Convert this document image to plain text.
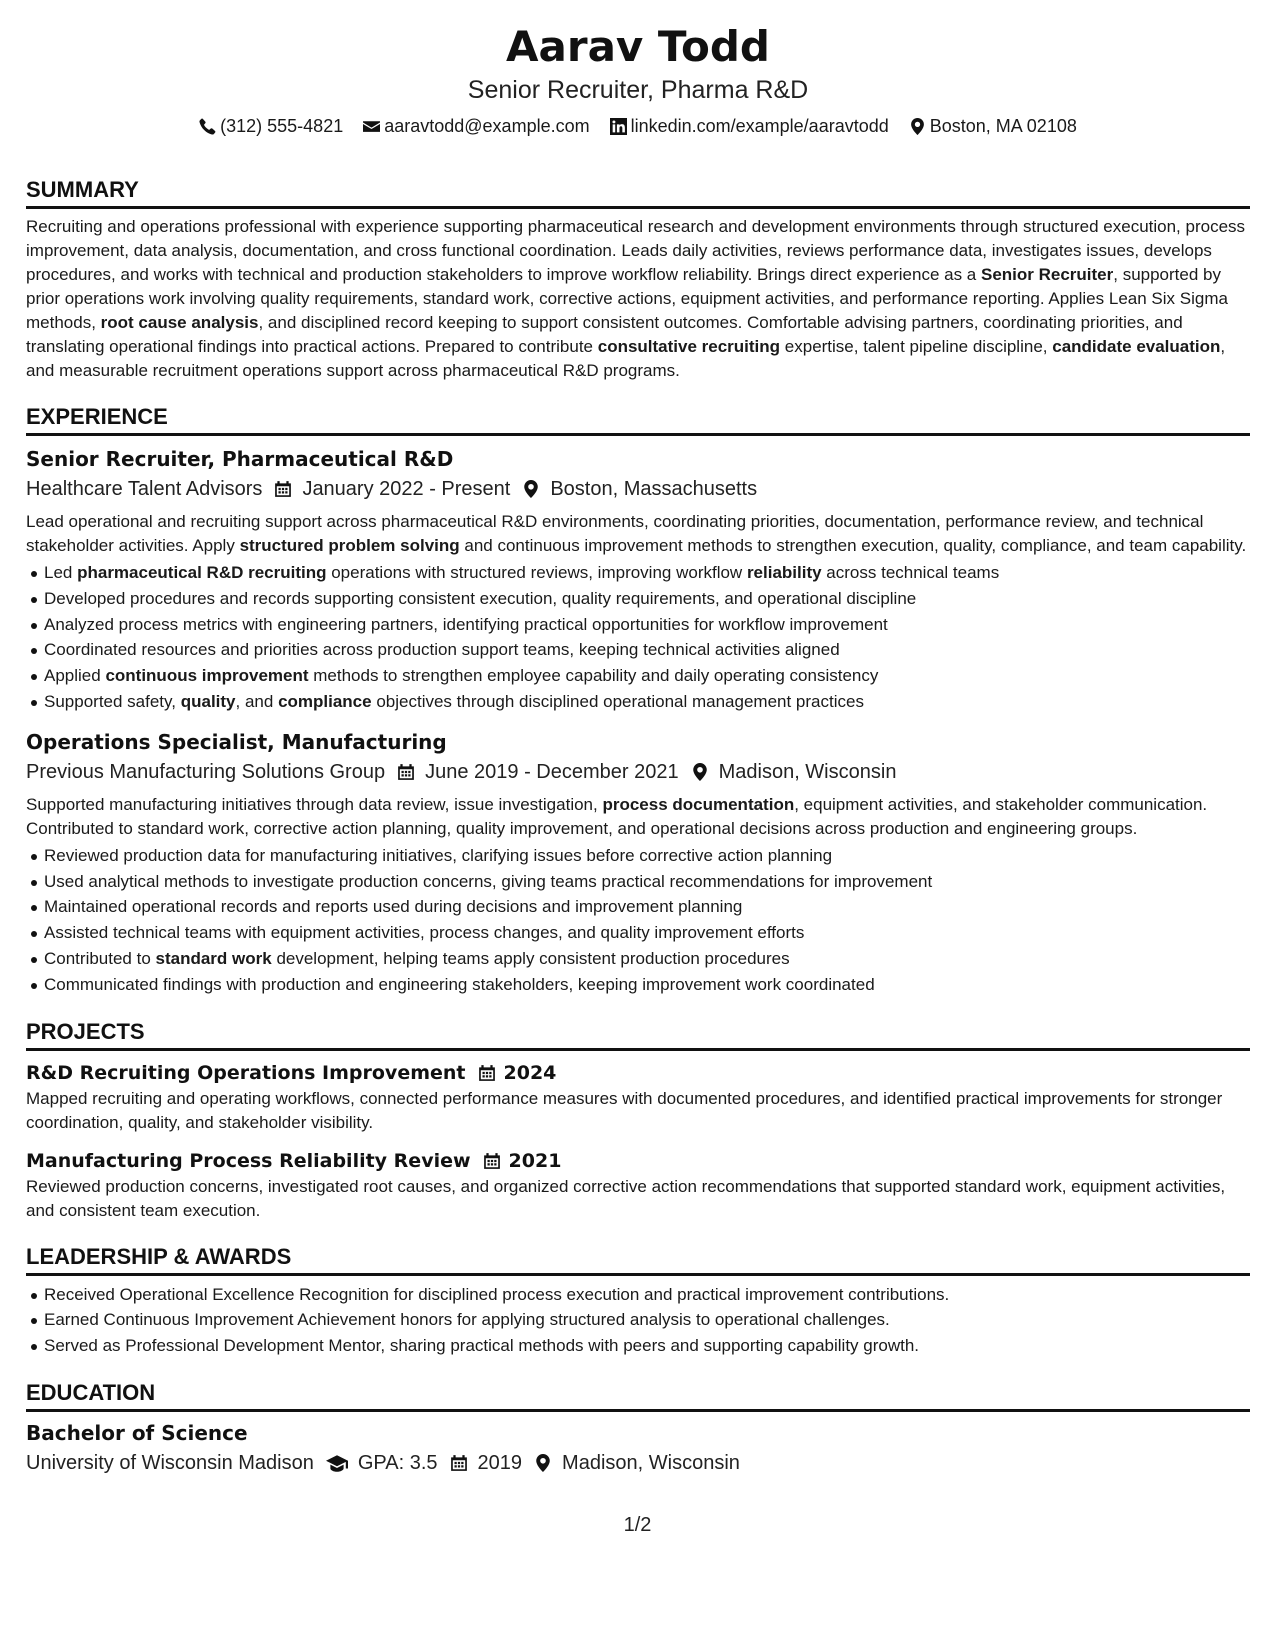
Aarav Todd

Senior Recruiter, Pharma R&D

(312) 555-4821 aaravtodd@example.com linkedin.com/example/aaravtodd Boston, MA 02108
SUMMARY

Recruiting and operations professional with experience supporting pharmaceutical research and development environments through structured execution, process improvement, data analysis, documentation, and cross functional coordination. Leads daily activities, reviews performance data, investigates issues, develops procedures, and works with technical and production stakeholders to improve workflow reliability. Brings direct experience as a Senior Recruiter, supported by prior operations work involving quality requirements, standard work, corrective actions, equipment activities, and performance reporting. Applies Lean Six Sigma methods, root cause analysis, and disciplined record keeping to support consistent outcomes. Comfortable advising partners, coordinating priorities, and translating operational findings into practical actions. Prepared to contribute consultative recruiting expertise, talent pipeline discipline, candidate evaluation, and measurable recruitment operations support across pharmaceutical R&D programs.

EXPERIENCE

Senior Recruiter, Pharmaceutical R&D

Healthcare Talent Advisors January 2022 - Present Boston, Massachusetts

Lead operational and recruiting support across pharmaceutical R&D environments, coordinating priorities, documentation, performance review, and technical stakeholder activities. Apply structured problem solving and continuous improvement methods to strengthen execution, quality, compliance, and team capability.

Led pharmaceutical R&D recruiting operations with structured reviews, improving workflow reliability across technical teams
Developed procedures and records supporting consistent execution, quality requirements, and operational discipline
Analyzed process metrics with engineering partners, identifying practical opportunities for workflow improvement
Coordinated resources and priorities across production support teams, keeping technical activities aligned
Applied continuous improvement methods to strengthen employee capability and daily operating consistency
Supported safety, quality, and compliance objectives through disciplined operational management practices

Operations Specialist, Manufacturing

Previous Manufacturing Solutions Group June 2019 - December 2021 Madison, Wisconsin

Supported manufacturing initiatives through data review, issue investigation, process documentation, equipment activities, and stakeholder communication. Contributed to standard work, corrective action planning, quality improvement, and operational decisions across production and engineering groups.

Reviewed production data for manufacturing initiatives, clarifying issues before corrective action planning
Used analytical methods to investigate production concerns, giving teams practical recommendations for improvement
Maintained operational records and reports used during decisions and improvement planning
Assisted technical teams with equipment activities, process changes, and quality improvement efforts
Contributed to standard work development, helping teams apply consistent production procedures
Communicated findings with production and engineering stakeholders, keeping improvement work coordinated
PROJECTS
R&D Recruiting Operations Improvement 2024

Mapped recruiting and operating workflows, connected performance measures with documented procedures, and identified practical improvements for stronger coordination, quality, and stakeholder visibility.

Manufacturing Process Reliability Review 2021

Reviewed production concerns, investigated root causes, and organized corrective action recommendations that supported standard work, equipment activities, and consistent team execution.

LEADERSHIP & AWARDS
Received Operational Excellence Recognition for disciplined process execution and practical improvement contributions.
Earned Continuous Improvement Achievement honors for applying structured analysis to operational challenges.
Served as Professional Development Mentor, sharing practical methods with peers and supporting capability growth.
EDUCATION

Bachelor of Science

University of Wisconsin Madison GPA: 3.5 2019 Madison, Wisconsin
1/2
